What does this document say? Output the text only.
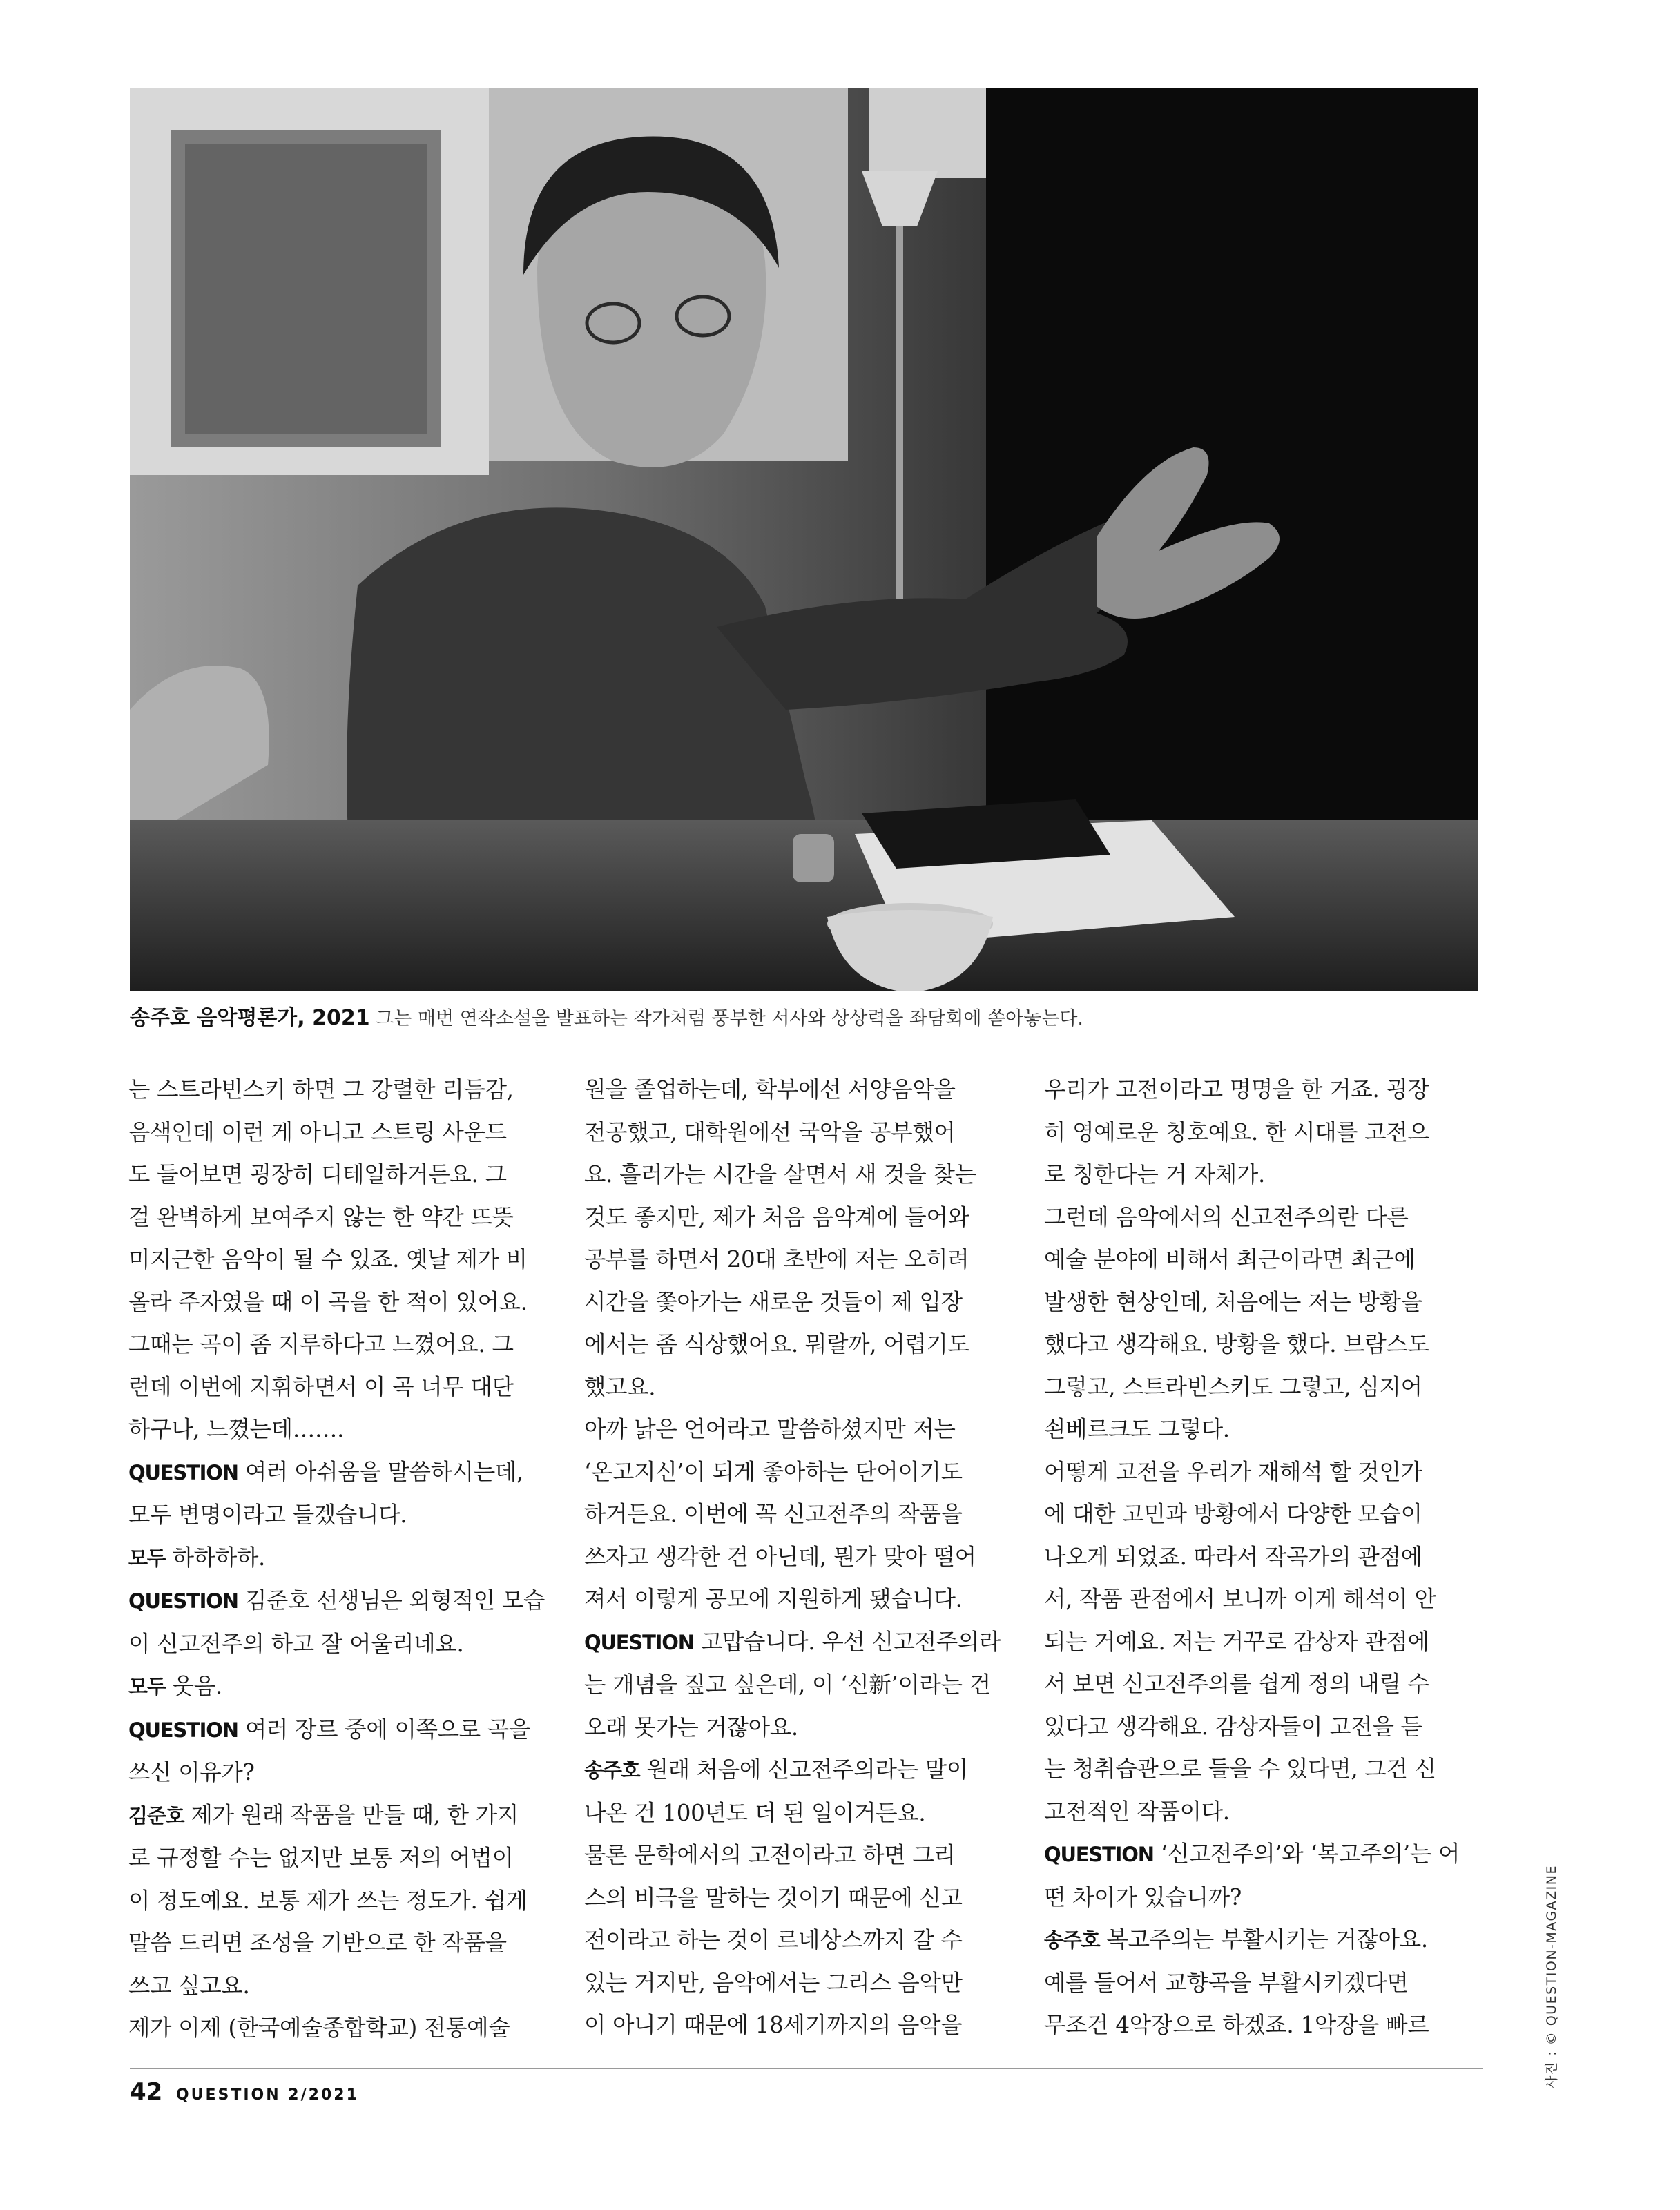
송주호 음악평론가, 2021 그는 매번 연작소설을 발표하는 작가처럼 풍부한 서사와 상상력을 좌담회에 쏟아놓는다.

는 스트라빈스키 하면 그 강렬한 리듬감,

음색인데 이런 게 아니고 스트링 사운드

도 들어보면 굉장히 디테일하거든요. 그

걸 완벽하게 보여주지 않는 한 약간 뜨뜻

미지근한 음악이 될 수 있죠. 옛날 제가 비

올라 주자였을 때 이 곡을 한 적이 있어요.

그때는 곡이 좀 지루하다고 느꼈어요. 그

런데 이번에 지휘하면서 이 곡 너무 대단

하구나, 느꼈는데…….

QUESTION 여러 아쉬움을 말씀하시는데,

모두 변명이라고 들겠습니다.

모두 하하하하.

QUESTION 김준호 선생님은 외형적인 모습

이 신고전주의 하고 잘 어울리네요.

모두 웃음.

QUESTION 여러 장르 중에 이쪽으로 곡을

쓰신 이유가?

김준호 제가 원래 작품을 만들 때, 한 가지

로 규정할 수는 없지만 보통 저의 어법이

이 정도예요. 보통 제가 쓰는 정도가. 쉽게

말씀 드리면 조성을 기반으로 한 작품을

쓰고 싶고요.

제가 이제 (한국예술종합학교) 전통예술

원을 졸업하는데, 학부에선 서양음악을

전공했고, 대학원에선 국악을 공부했어

요. 흘러가는 시간을 살면서 새 것을 찾는

것도 좋지만, 제가 처음 음악계에 들어와

공부를 하면서 20대 초반에 저는 오히려

시간을 쫓아가는 새로운 것들이 제 입장

에서는 좀 식상했어요. 뭐랄까, 어렵기도

했고요.

아까 낡은 언어라고 말씀하셨지만 저는

‘온고지신’이 되게 좋아하는 단어이기도

하거든요. 이번에 꼭 신고전주의 작품을

쓰자고 생각한 건 아닌데, 뭔가 맞아 떨어

져서 이렇게 공모에 지원하게 됐습니다.

QUESTION 고맙습니다. 우선 신고전주의라

는 개념을 짚고 싶은데, 이 ‘신新’이라는 건

오래 못가는 거잖아요.

송주호 원래 처음에 신고전주의라는 말이

나온 건 100년도 더 된 일이거든요.

물론 문학에서의 고전이라고 하면 그리

스의 비극을 말하는 것이기 때문에 신고

전이라고 하는 것이 르네상스까지 갈 수

있는 거지만, 음악에서는 그리스 음악만

이 아니기 때문에 18세기까지의 음악을

우리가 고전이라고 명명을 한 거죠. 굉장

히 영예로운 칭호예요. 한 시대를 고전으

로 칭한다는 거 자체가.

그런데 음악에서의 신고전주의란 다른

예술 분야에 비해서 최근이라면 최근에

발생한 현상인데, 처음에는 저는 방황을

했다고 생각해요. 방황을 했다. 브람스도

그렇고, 스트라빈스키도 그렇고, 심지어

쇤베르크도 그렇다.

어떻게 고전을 우리가 재해석 할 것인가

에 대한 고민과 방황에서 다양한 모습이

나오게 되었죠. 따라서 작곡가의 관점에

서, 작품 관점에서 보니까 이게 해석이 안

되는 거예요. 저는 거꾸로 감상자 관점에

서 보면 신고전주의를 쉽게 정의 내릴 수

있다고 생각해요. 감상자들이 고전을 듣

는 청취습관으로 들을 수 있다면, 그건 신

고전적인 작품이다.

QUESTION ‘신고전주의’와 ‘복고주의’는 어

떤 차이가 있습니까?

송주호 복고주의는 부활시키는 거잖아요.

예를 들어서 교향곡을 부활시키겠다면

무조건 4악장으로 하겠죠. 1악장을 빠르

42 QUESTION 2/2021
사진 : © QUESTION-MAGAZINE
